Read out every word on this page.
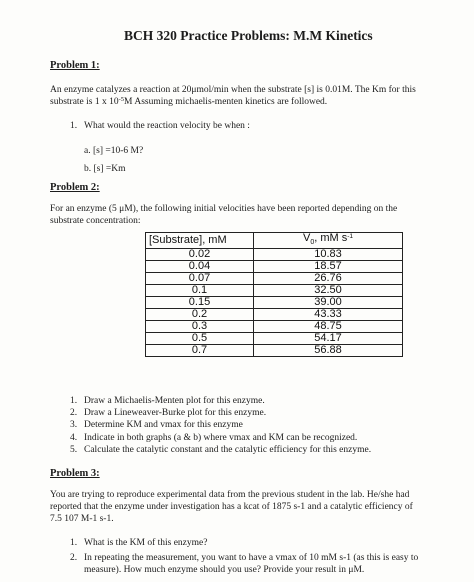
BCH 320 Practice Problems: M.M Kinetics
Problem 1:
An enzyme catalyzes a reaction at 20μmol/min when the substrate [s] is 0.01M. The Km for this
substrate is 1 x $10^{-5}M$ Assuming michaelis-menten kinetics are followed.
1. What would the reaction velocity be when :
a. [s] =10-6 M?
b. [s] =Km
Problem 2:
For an enzyme (5 μM), the following initial velocities have been reported depending on the
substrate concentration:
[Substrate], mM	$V_0$, mM $s^{-1}$
0.02	10.83
0.04	18.57
0.07	26.76
0.1	32.50
0.15	39.00
0.2	43.33
0.3	48.75
0.5	54.17
0.7	56.88
1. Draw a Michaelis-Menten plot for this enzyme.
2. Draw a Lineweaver-Burke plot for this enzyme.
3. Determine KM and vmax for this enzyme
4. Indicate in both graphs (a & b) where vmax and KM can be recognized.
5. Calculate the catalytic constant and the catalytic efficiency for this enzyme.
Problem 3:
You are trying to reproduce experimental data from the previous student in the lab. He/she had
reported that the enzyme under investigation has a kcat of 1875 s-1 and a catalytic efficiency of
7.5 107 M-1 s-1.
1. What is the KM of this enzyme?
2. In repeating the measurement, you want to have a vmax of 10 mM s-1 (as this is easy to
measure). How much enzyme should you use? Provide your result in μM.
